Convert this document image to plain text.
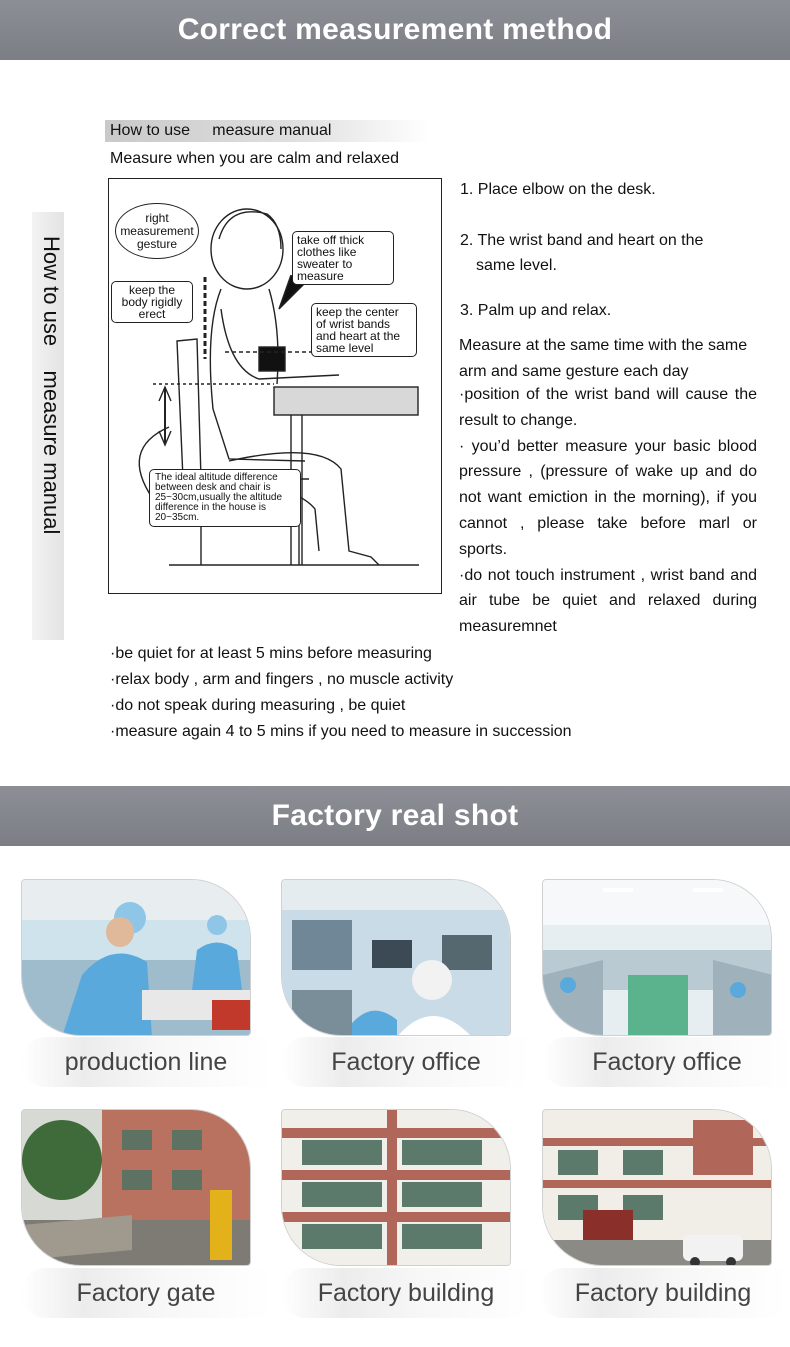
Correct measurement method
How to use    measure manual
How to use     measure manual
Measure when you are calm and relaxed
right measurement gesture	take off thick clothes like sweater to measure
keep the body rigidly erect	keep the center of wrist bands and heart at the same level
The ideal altitude difference between desk and chair is 25~30cm,usually the altitude difference in the house is 20~35cm.
1. Place elbow on the desk.
2. The wrist band and heart on the
same level.
3. Palm up and relax.
Measure at the same time with the same arm and same gesture each day
·position of the wrist band will cause the result to change.
· you’d better measure your basic blood pressure , (pressure of wake up and do not want emiction in the morning), if you cannot , please take before marl or sports.
·do not touch instrument , wrist band and air tube be quiet and relaxed during measuremnet
·be quiet for at least 5 mins before measuring
·relax body , arm and fingers , no muscle activity
·do not speak during measuring , be quiet
·measure again 4 to 5 mins if you need to measure in succession
Factory real shot
production line	Factory office	Factory office
Factory gate	Factory building	Factory building
